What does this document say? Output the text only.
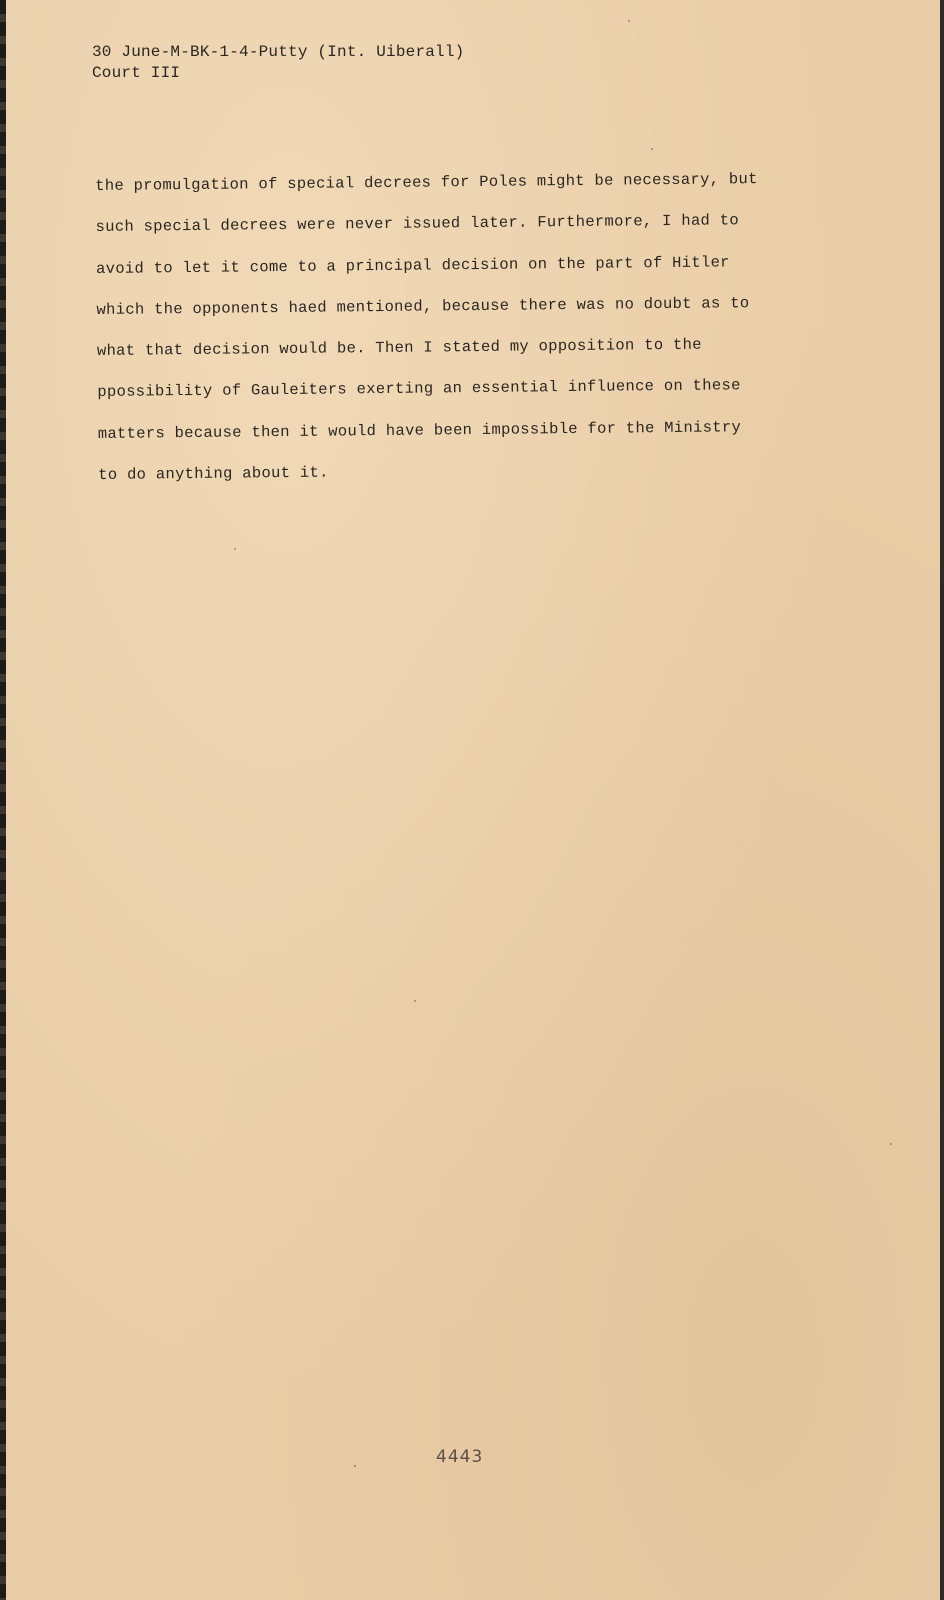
30 June-M-BK-1-4-Putty (Int. Uiberall)
Court III
the promulgation of special decrees for Poles might be necessary, but
such special decrees were never issued later. Furthermore, I had to
avoid to let it come to a principal decision on the part of Hitler
which the opponents haed mentioned, because there was no doubt as to
what that decision would be. Then I stated my opposition to the
ppossibility of Gauleiters exerting an essential influence on these
matters because then it would have been impossible for the Ministry
to do anything about it.
4443
